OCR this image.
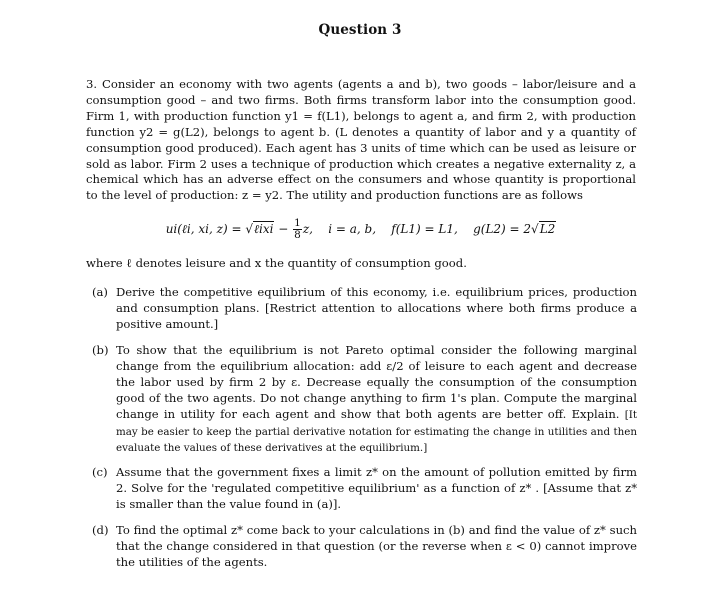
Question 3

3. Consider an economy with two agents (agents a and b), two goods – labor/leisure and a consumption good – and two firms. Both firms transform labor into the consumption good. Firm 1, with production function y1 = f(L1), belongs to agent a, and firm 2, with production function y2 = g(L2), belongs to agent b. (L denotes a quantity of labor and y a quantity of consumption good produced). Each agent has 3 units of time which can be used as leisure or sold as labor. Firm 2 uses a technique of production which creates a negative externality z, a chemical which has an adverse effect on the consumers and whose quantity is proportional to the level of production: z = y2. The utility and production functions are as follows

ui(ℓi, xi, z) = √ℓixi − $\frac{1}{8} z$, i = a, b, f(L1) = L1, g(L2) = 2√L2
where ℓ denotes leisure and x the quantity of consumption good.
(a) Derive the competitive equilibrium of this economy, i.e. equilibrium prices, production and consumption plans. [Restrict attention to allocations where both firms produce a positive amount.]
(b) To show that the equilibrium is not Pareto optimal consider the following marginal change from the equilibrium allocation: add ε/2 of leisure to each agent and decrease the labor used by firm 2 by ε. Decrease equally the consumption of the consumption good of the two agents. Do not change anything to firm 1's plan. Compute the marginal change in utility for each agent and show that both agents are better off. Explain. [It may be easier to keep the partial derivative notation for estimating the change in utilities and then evaluate the values of these derivatives at the equilibrium.]
(c) Assume that the government fixes a limit z* on the amount of pollution emitted by firm 2. Solve for the 'regulated competitive equilibrium' as a function of z* . [Assume that z* is smaller than the value found in (a)].
(d) To find the optimal z* come back to your calculations in (b) and find the value of z* such that the change considered in that question (or the reverse when ε < 0) cannot improve the utilities of the agents.
